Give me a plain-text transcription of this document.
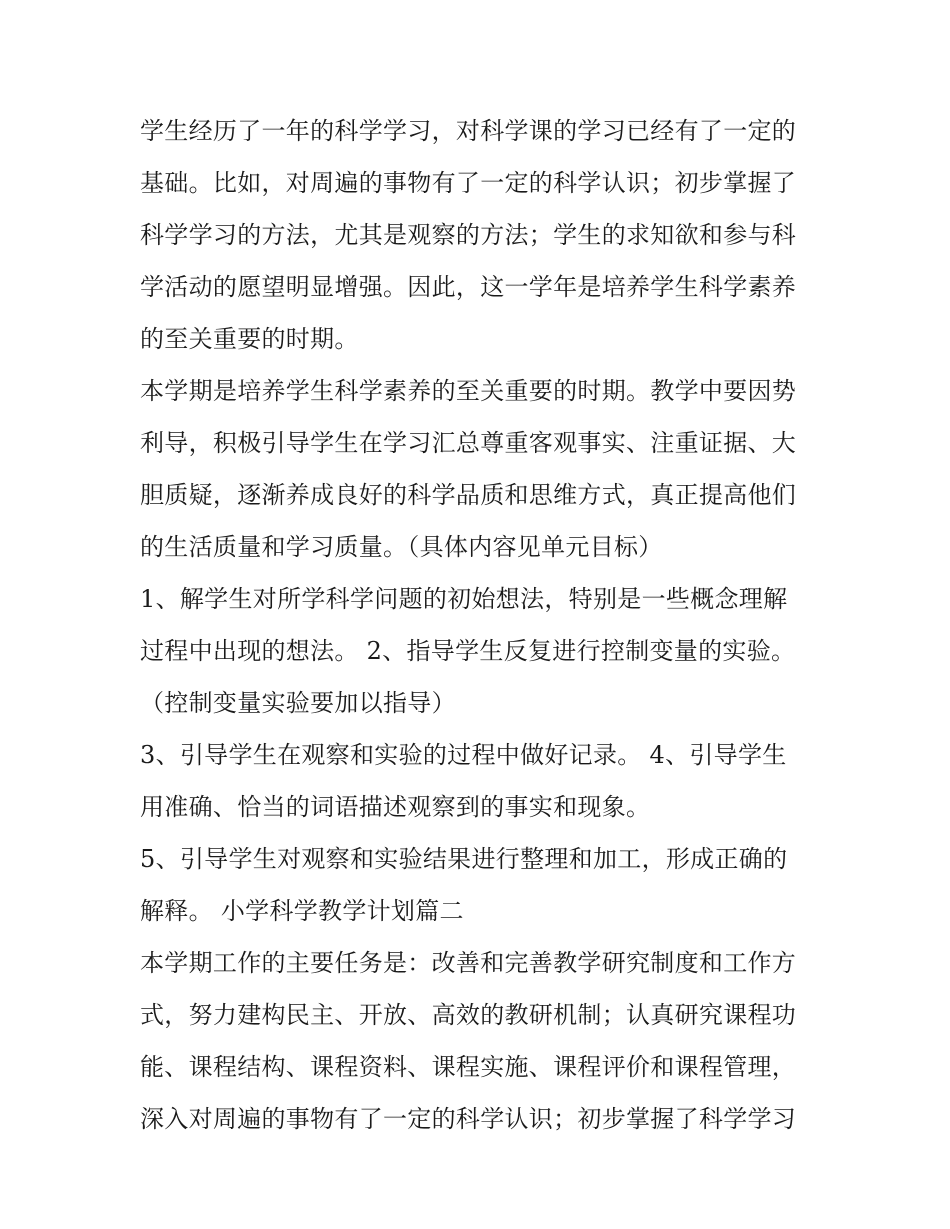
学生经历了一年的科学学习，对科学课的学习已经有了一定的
基础。比如，对周遍的事物有了一定的科学认识；初步掌握了
科学学习的方法，尤其是观察的方法；学生的求知欲和参与科
学活动的愿望明显增强。因此，这一学年是培养学生科学素养
的至关重要的时期。
本学期是培养学生科学素养的至关重要的时期。教学中要因势
利导，积极引导学生在学习汇总尊重客观事实、注重证据、大
胆质疑，逐渐养成良好的科学品质和思维方式，真正提高他们
的生活质量和学习质量。（具体内容见单元目标）
1、解学生对所学科学问题的初始想法，特别是一些概念理解
过程中出现的想法。 2、指导学生反复进行控制变量的实验。
（控制变量实验要加以指导）
3、引导学生在观察和实验的过程中做好记录。 4、引导学生
用准确、恰当的词语描述观察到的事实和现象。
5、引导学生对观察和实验结果进行整理和加工，形成正确的
解释。 小学科学教学计划篇二
本学期工作的主要任务是：改善和完善教学研究制度和工作方
式，努力建构民主、开放、高效的教研机制；认真研究课程功
能、课程结构、课程资料、课程实施、课程评价和课程管理，
深入对周遍的事物有了一定的科学认识；初步掌握了科学学习
